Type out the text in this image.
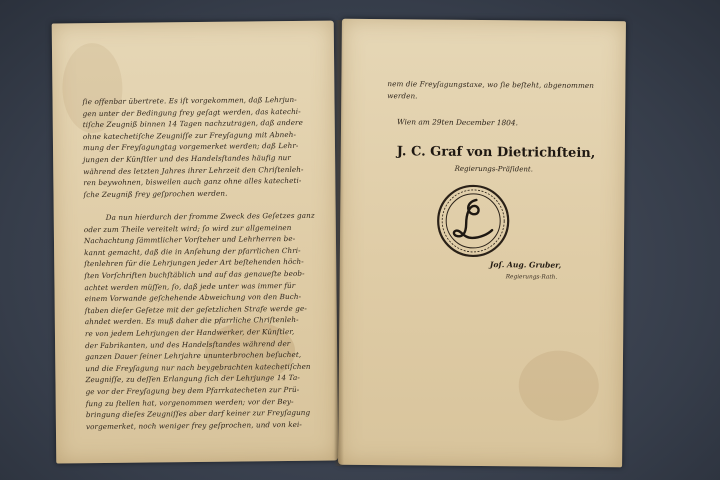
ſie offenbar übertrete. Es iſt vorgekommen, daß Lehrjun-
gen unter der Bedingung frey geſagt werden, das katechi-
tiſche Zeugniß binnen 14 Tagen nachzutragen, daß andere
ohne katechetiſche Zeugniſſe zur Freyſagung mit Abneh-
mung der Freyſagungtag vorgemerket werden; daß Lehr-
jungen der Künſtler und des Handelsſtandes häufig nur
während des letzten Jahres ihrer Lehrzeit den Chriſtenleh-
ren beywohnen, bisweilen auch ganz ohne alles katecheti-
ſche Zeugniß frey geſprochen werden.
Da nun hierdurch der fromme Zweck des Geſetzes ganz
oder zum Theile vereitelt wird; ſo wird zur allgemeinen
Nachachtung ſämmtlicher Vorſteher und Lehrherren be-
kannt gemacht, daß die in Anſehung der pfarrlichen Chri-
ſtenlehren für die Lehrjungen jeder Art beſtehenden höch-
ſten Vorſchriften buchſtäblich und auf das genaueſte beob-
achtet werden müſſen, ſo, daß jede unter was immer für
einem Vorwande geſchehende Abweichung von den Buch-
ſtaben dieſer Geſetze mit der geſetzlichen Strafe werde ge-
ahndet werden. Es muß daher die pfarrliche Chriſtenleh-
re von jedem Lehrjungen der Handwerker, der Künſtler,
der Fabrikanten, und des Handelsſtandes während der
ganzen Dauer ſeiner Lehrjahre ununterbrochen beſuchet,
und die Freyſagung nur nach beygebrachten katechetiſchen
Zeugniſſe, zu deſſen Erlangung ſich der Lehrjunge 14 Ta-
ge vor der Freyſagung bey dem Pfarrkatecheten zur Prü-
fung zu ſtellen hat, vorgenommen werden; vor der Bey-
bringung dieſes Zeugniſſes aber darf keiner zur Freyſagung
vorgemerket, noch weniger frey geſprochen, und von kei-
nem die Freyſagungstaxe, wo ſie beſteht, abgenommen
werden.
Wien am 29ten December 1804.
J. C. Graf von Dietrichſtein,
Regierungs-Präſident.
Joſ. Aug. Gruber,
Regierungs-Rath.
